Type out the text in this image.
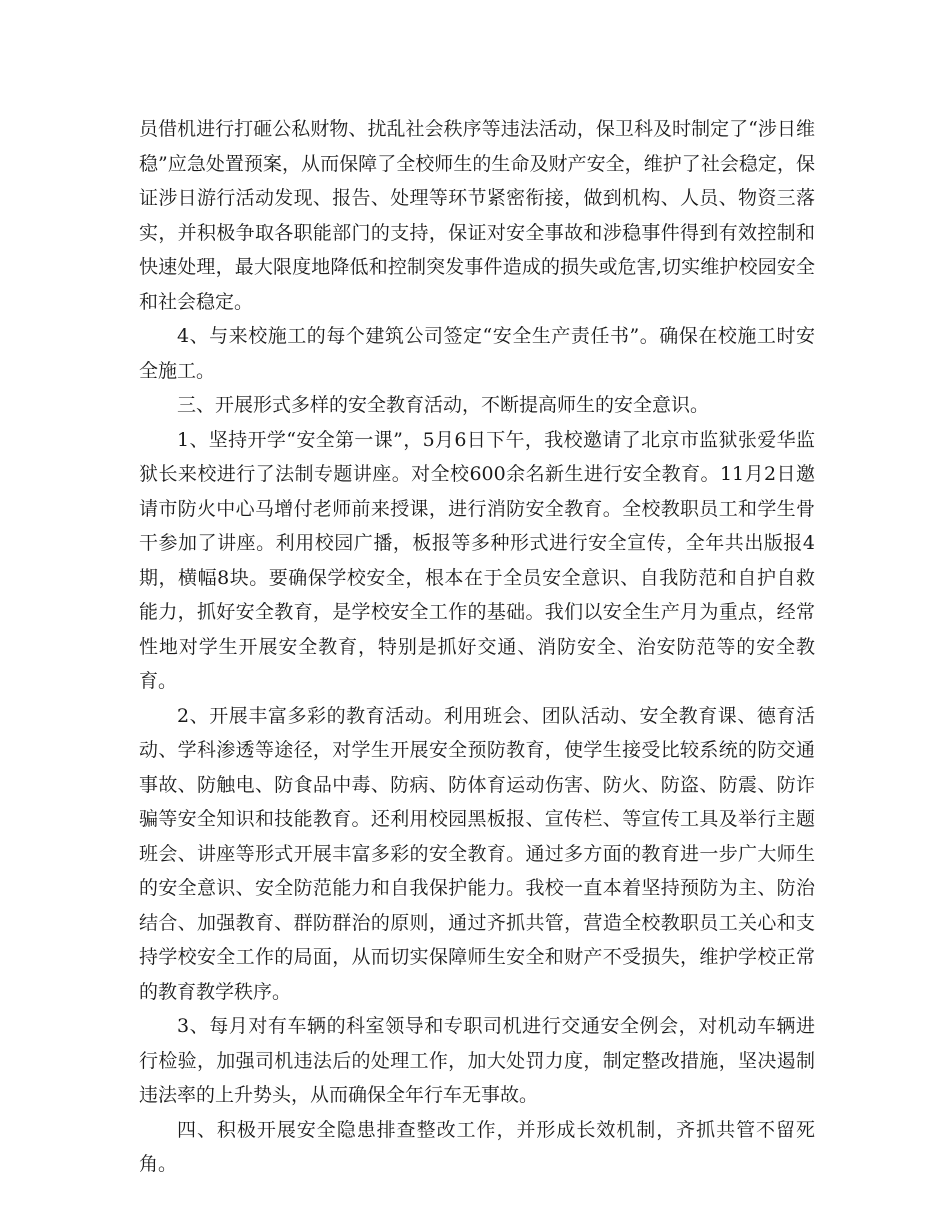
员借机进行打砸公私财物、扰乱社会秩序等违法活动，保卫科及时制定了“涉日维稳”应急处置预案，从而保障了全校师生的生命及财产安全，维护了社会稳定，保证涉日游行活动发现、报告、处理等环节紧密衔接，做到机构、人员、物资三落实，并积极争取各职能部门的支持，保证对安全事故和涉稳事件得到有效控制和快速处理，最大限度地降低和控制突发事件造成的损失或危害,切实维护校园安全和社会稳定。

4、与来校施工的每个建筑公司签定“安全生产责任书”。确保在校施工时安全施工。

三、开展形式多样的安全教育活动，不断提高师生的安全意识。

1、坚持开学“安全第一课”，5月6日下午，我校邀请了北京市监狱张爱华监狱长来校进行了法制专题讲座。对全校600余名新生进行安全教育。11月2日邀请市防火中心马增付老师前来授课，进行消防安全教育。全校教职员工和学生骨干参加了讲座。利用校园广播，板报等多种形式进行安全宣传，全年共出版报4期，横幅8块。要确保学校安全，根本在于全员安全意识、自我防范和自护自救能力，抓好安全教育，是学校安全工作的基础。我们以安全生产月为重点，经常性地对学生开展安全教育，特别是抓好交通、消防安全、治安防范等的安全教育。

2、开展丰富多彩的教育活动。利用班会、团队活动、安全教育课、德育活动、学科渗透等途径，对学生开展安全预防教育，使学生接受比较系统的防交通事故、防触电、防食品中毒、防病、防体育运动伤害、防火、防盗、防震、防诈骗等安全知识和技能教育。还利用校园黑板报、宣传栏、等宣传工具及举行主题班会、讲座等形式开展丰富多彩的安全教育。通过多方面的教育进一步广大师生的安全意识、安全防范能力和自我保护能力。我校一直本着坚持预防为主、防治结合、加强教育、群防群治的原则，通过齐抓共管，营造全校教职员工关心和支持学校安全工作的局面，从而切实保障师生安全和财产不受损失，维护学校正常的教育教学秩序。

3、每月对有车辆的科室领导和专职司机进行交通安全例会，对机动车辆进行检验，加强司机违法后的处理工作，加大处罚力度，制定整改措施，坚决遏制违法率的上升势头，从而确保全年行车无事故。

四、积极开展安全隐患排查整改工作，并形成长效机制，齐抓共管不留死角。
